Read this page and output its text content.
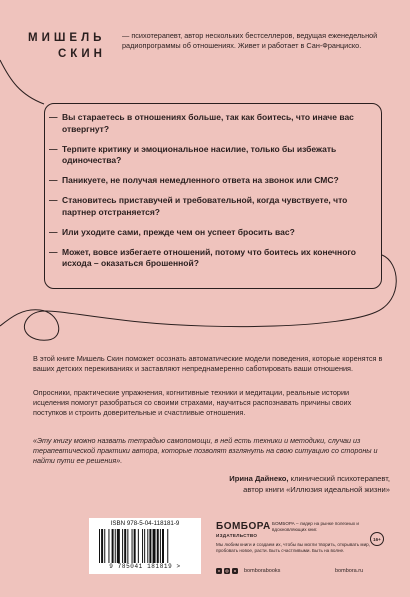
МИШЕЛЬ
СКИН
— психотерапевт, автор нескольких бестселлеров, ведущая еженедельной радиопрограммы об отношениях. Живет и работает в Сан-Франциско.
— Вы стараетесь в отношениях больше, так как боитесь, что иначе вас отвергнут?
— Терпите критику и эмоциональное насилие, только бы избежать одиночества?
— Паникуете, не получая немедленного ответа на звонок или СМС?
— Становитесь приставучей и требовательной, когда чувствуете, что партнер отстраняется?
— Или уходите сами, прежде чем он успеет бросить вас?
— Может, вовсе избегаете отношений, потому что боитесь их конечного исхода – оказаться брошенной?

В этой книге Мишель Скин поможет осознать автоматические модели поведения, которые коренятся в ваших детских переживаниях и заставляют непреднамеренно саботировать ваши отношения.

Опросники, практические упражнения, когнитивные техники и медитации, реальные истории исцеления помогут разобраться со своими страхами, научиться распознавать причины своих поступков и строить доверительные и счастливые отношения.

«Эту книгу можно назвать тетрадью самопомощи, в ней есть техники и методики, случаи из терапевтической практики автора, которые позволят взглянуть на свою ситуацию со стороны и найти пути ее решения».

Ирина Дайнеко, клинический психотерапевт,
автор книги «Иллюзия идеальной жизни»
ISBN 978-5-04-118181-9
9 785041 181819 >
БОМБОРА
ИЗДАТЕЛЬСТВО
БОМБОРА – лидер на рынке полезных и вдохновляющих книг.
Мы любим книги и создаем их, чтобы вы могли творить, открывать мир, пробовать новое, расти. Быть счастливыми. Быть на волне.
16+
v	◎	o	bomborabooks	bombora.ru
